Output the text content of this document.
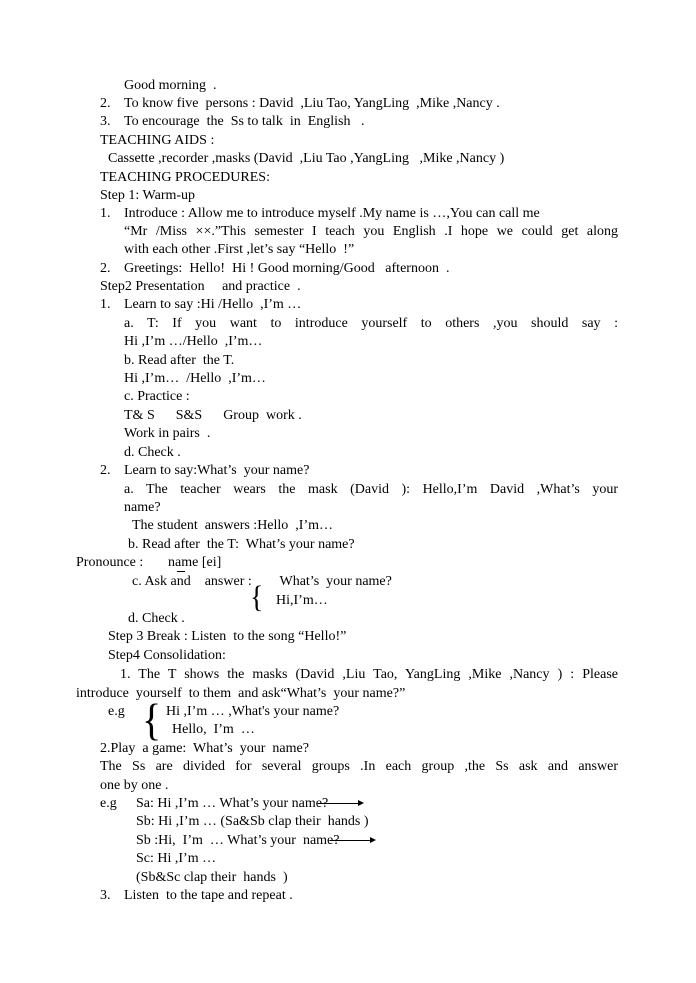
Good morning  .
2. To know five  persons : David  ,Liu Tao, YangLing  ,Mike ,Nancy .
3. To encourage  the  Ss to talk  in  English   .
TEACHING AIDS :
Cassette ,recorder ,masks (David  ,Liu Tao ,YangLing   ,Mike ,Nancy )
TEACHING PROCEDURES:
Step 1: Warm-up
1. Introduce : Allow me to introduce myself .My name is …,You can call me
“Mr /Miss ××.”This semester I teach you English .I hope we could get along
with each other .First ,let’s say “Hello  !”
2. Greetings:  Hello!  Hi ! Good morning/Good   afternoon  .
Step2 Presentation     and practice  .
1. Learn to say :Hi /Hello  ,I’m …
a. T: If you want to introduce yourself to others ,you should say :
Hi ,I’m …/Hello  ,I’m…
b. Read after  the T.
Hi ,I’m…  /Hello  ,I’m…
c. Practice :
T& S      S&S      Group  work .
Work in pairs  .
d. Check .
2. Learn to say:What’s  your name?
a. The teacher wears the mask (David ): Hello,I’m David ,What’s your
name?
The student  answers :Hello  ,I’m…
b. Read after  the T:  What’s your name?
Pronounce : name [ei]
c. Ask and    answer :        What’s  your name?
{ Hi,I’m…
d. Check .
Step 3 Break : Listen  to the song “Hello!”
Step4 Consolidation:
1. The T shows the masks (David ,Liu Tao, YangLing ,Mike ,Nancy ) : Please
introduce  yourself  to them  and ask“What’s  your name?”
e.g { Hi ,I’m … ,What's your name?
Hello,  I’m  …
2.Play  a game:  What’s  your  name?
The Ss are divided for several groups .In each group ,the Ss ask and answer
one by one .
e.g Sa: Hi ,I’m … What’s your name?
Sb: Hi ,I’m … (Sa&Sb clap their  hands )
Sb :Hi,  I’m  … What’s your  name?
Sc: Hi ,I’m …
(Sb&Sc clap their  hands  )
3. Listen  to the tape and repeat .
